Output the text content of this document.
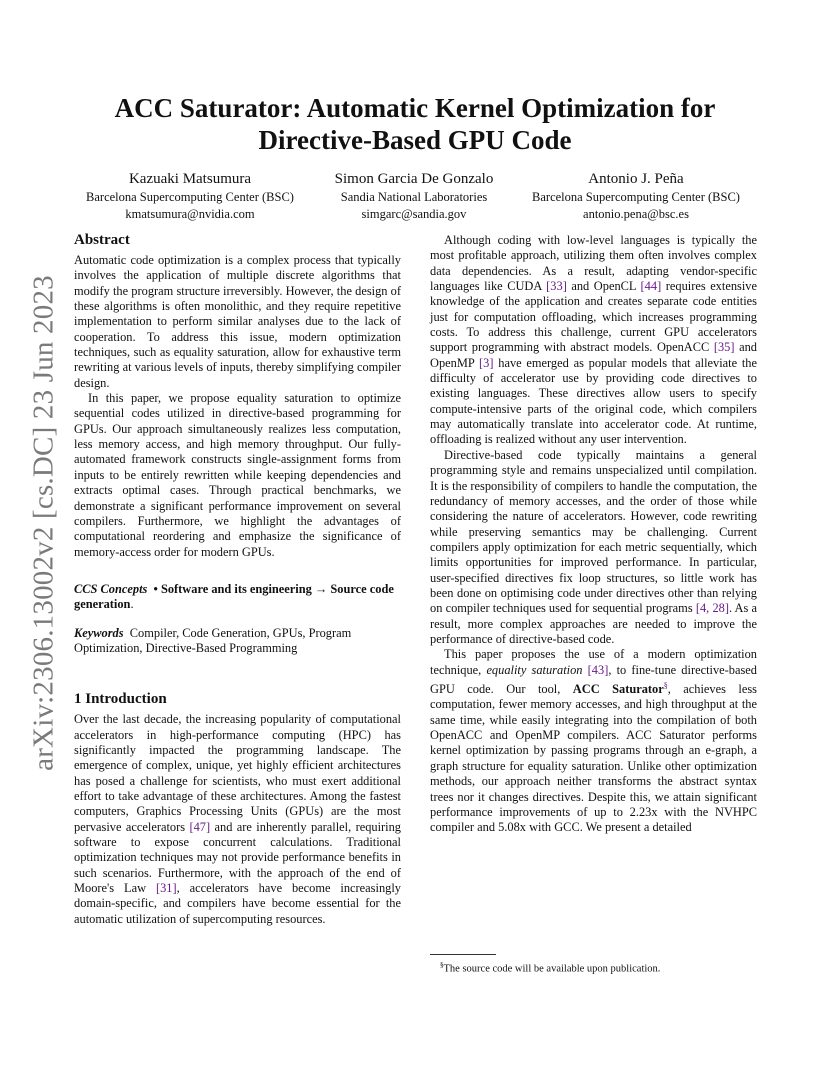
arXiv:2306.13002v2 [cs.DC] 23 Jun 2023
ACC Saturator: Automatic Kernel Optimization for
Directive-Based GPU Code
Kazuaki Matsumura
Barcelona Supercomputing Center (BSC)
kmatsumura@nvidia.com
Simon Garcia De Gonzalo
Sandia National Laboratories
simgarc@sandia.gov
Antonio J. Peña
Barcelona Supercomputing Center (BSC)
antonio.pena@bsc.es
Abstract

Automatic code optimization is a complex process that typically involves the application of multiple discrete algorithms that modify the program structure irreversibly. However, the design of these algorithms is often monolithic, and they require repetitive implementation to perform similar analyses due to the lack of cooperation. To address this issue, modern optimization techniques, such as equality saturation, allow for exhaustive term rewriting at various levels of inputs, thereby simplifying compiler design.

In this paper, we propose equality saturation to optimize sequential codes utilized in directive-based programming for GPUs. Our approach simultaneously realizes less computation, less memory access, and high memory throughput. Our fully-automated framework constructs single-assignment forms from inputs to be entirely rewritten while keeping dependencies and extracts optimal cases. Through practical benchmarks, we demonstrate a significant performance improvement on several compilers. Furthermore, we highlight the advantages of computational reordering and emphasize the significance of memory-access order for modern GPUs.

CCS Concepts • Software and its engineering → Source code generation.

Keywords Compiler, Code Generation, GPUs, Program Optimization, Directive-Based Programming

1 Introduction

Over the last decade, the increasing popularity of computational accelerators in high-performance computing (HPC) has significantly impacted the programming landscape. The emergence of complex, unique, yet highly efficient architectures has posed a challenge for scientists, who must exert additional effort to take advantage of these architectures. Among the fastest computers, Graphics Processing Units (GPUs) are the most pervasive accelerators [47] and are inherently parallel, requiring software to expose concurrent calculations. Traditional optimization techniques may not provide performance benefits in such scenarios. Furthermore, with the approach of the end of Moore's Law [31], accelerators have become increasingly domain-specific, and compilers have become essential for the automatic utilization of supercomputing resources.

Although coding with low-level languages is typically the most profitable approach, utilizing them often involves complex data dependencies. As a result, adapting vendor-specific languages like CUDA [33] and OpenCL [44] requires extensive knowledge of the application and creates separate code entities just for computation offloading, which increases programming costs. To address this challenge, current GPU accelerators support programming with abstract models. OpenACC [35] and OpenMP [3] have emerged as popular models that alleviate the difficulty of accelerator use by providing code directives to existing languages. These directives allow users to specify compute-intensive parts of the original code, which compilers may automatically translate into accelerator code. At runtime, offloading is realized without any user intervention.

Directive-based code typically maintains a general programming style and remains unspecialized until compilation. It is the responsibility of compilers to handle the computation, the redundancy of memory accesses, and the order of those while considering the nature of accelerators. However, code rewriting while preserving semantics may be challenging. Current compilers apply optimization for each metric sequentially, which limits opportunities for improved performance. In particular, user-specified directives fix loop structures, so little work has been done on optimising code under directives other than relying on compiler techniques used for sequential programs [4, 28]. As a result, more complex approaches are needed to improve the performance of directive-based code.

This paper proposes the use of a modern optimization technique, equality saturation [43], to fine-tune directive-based GPU code. Our tool, ACC Saturator§, achieves less computation, fewer memory accesses, and high throughput at the same time, while easily integrating into the compilation of both OpenACC and OpenMP compilers. ACC Saturator performs kernel optimization by passing programs through an e-graph, a graph structure for equality saturation. Unlike other optimization methods, our approach neither transforms the abstract syntax trees nor it changes directives. Despite this, we attain significant performance improvements of up to 2.23x with the NVHPC compiler and 5.08x with GCC. We present a detailed

§The source code will be available upon publication.
